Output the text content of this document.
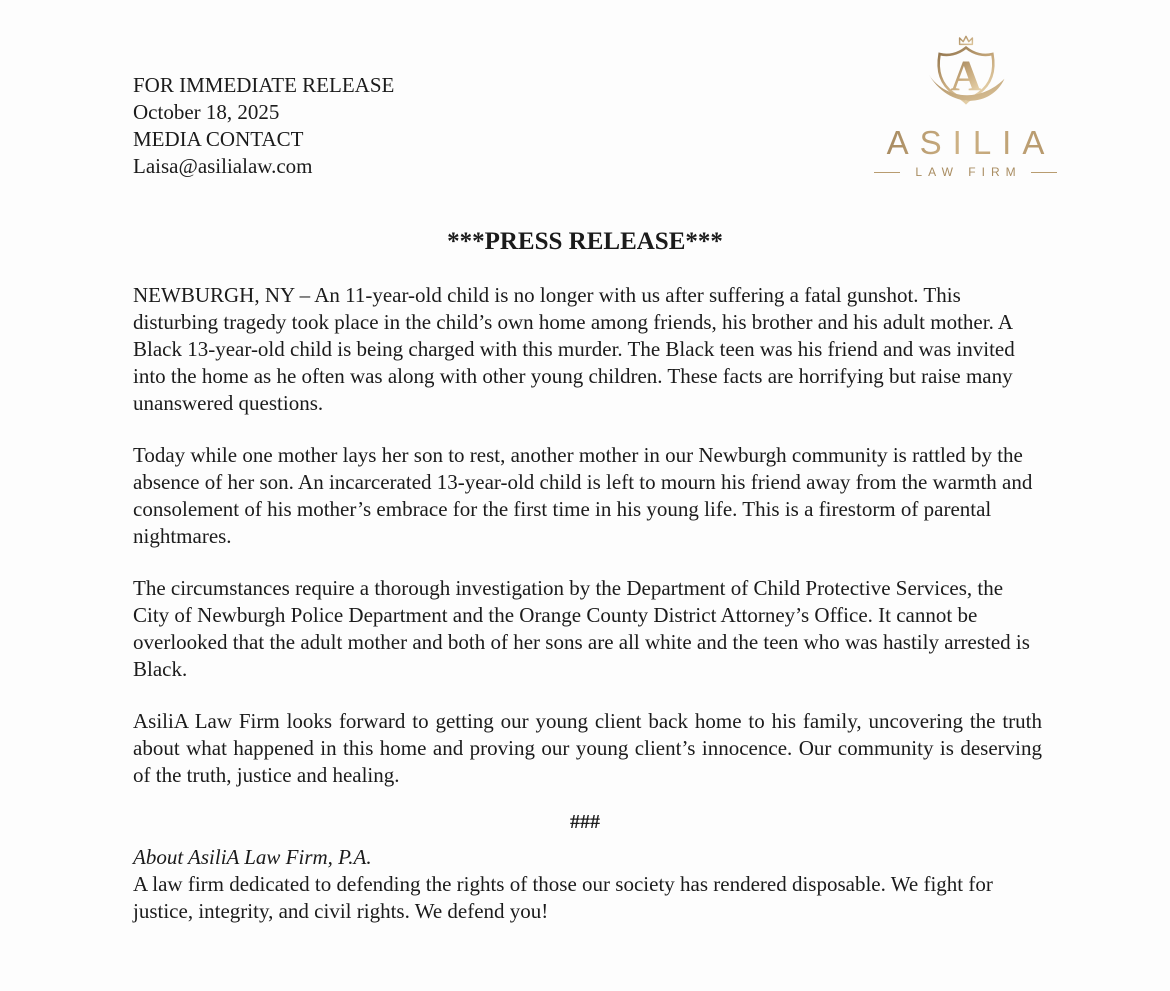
FOR IMMEDIATE RELEASE
October 18, 2025
MEDIA CONTACT
Laisa@asilialaw.com
A
ASILIA
LAW FIRM
***PRESS RELEASE***

NEWBURGH, NY – An 11-year-old child is no longer with us after suffering a fatal gunshot. This disturbing tragedy took place in the child’s own home among friends, his brother and his adult mother. A Black 13-year-old child is being charged with this murder. The Black teen was his friend and was invited into the home as he often was along with other young children. These facts are horrifying but raise many unanswered questions.

Today while one mother lays her son to rest, another mother in our Newburgh community is rattled by the absence of her son. An incarcerated 13-year-old child is left to mourn his friend away from the warmth and consolement of his mother’s embrace for the first time in his young life. This is a firestorm of parental nightmares.

The circumstances require a thorough investigation by the Department of Child Protective Services, the City of Newburgh Police Department and the Orange County District Attorney’s Office. It cannot be overlooked that the adult mother and both of her sons are all white and the teen who was hastily arrested is Black.

AsiliA Law Firm looks forward to getting our young client back home to his family, uncovering the truth about what happened in this home and proving our young client’s innocence. Our community is deserving of the truth, justice and healing.

###

About AsiliA Law Firm, P.A.

A law firm dedicated to defending the rights of those our society has rendered disposable. We fight for justice, integrity, and civil rights. We defend you!
